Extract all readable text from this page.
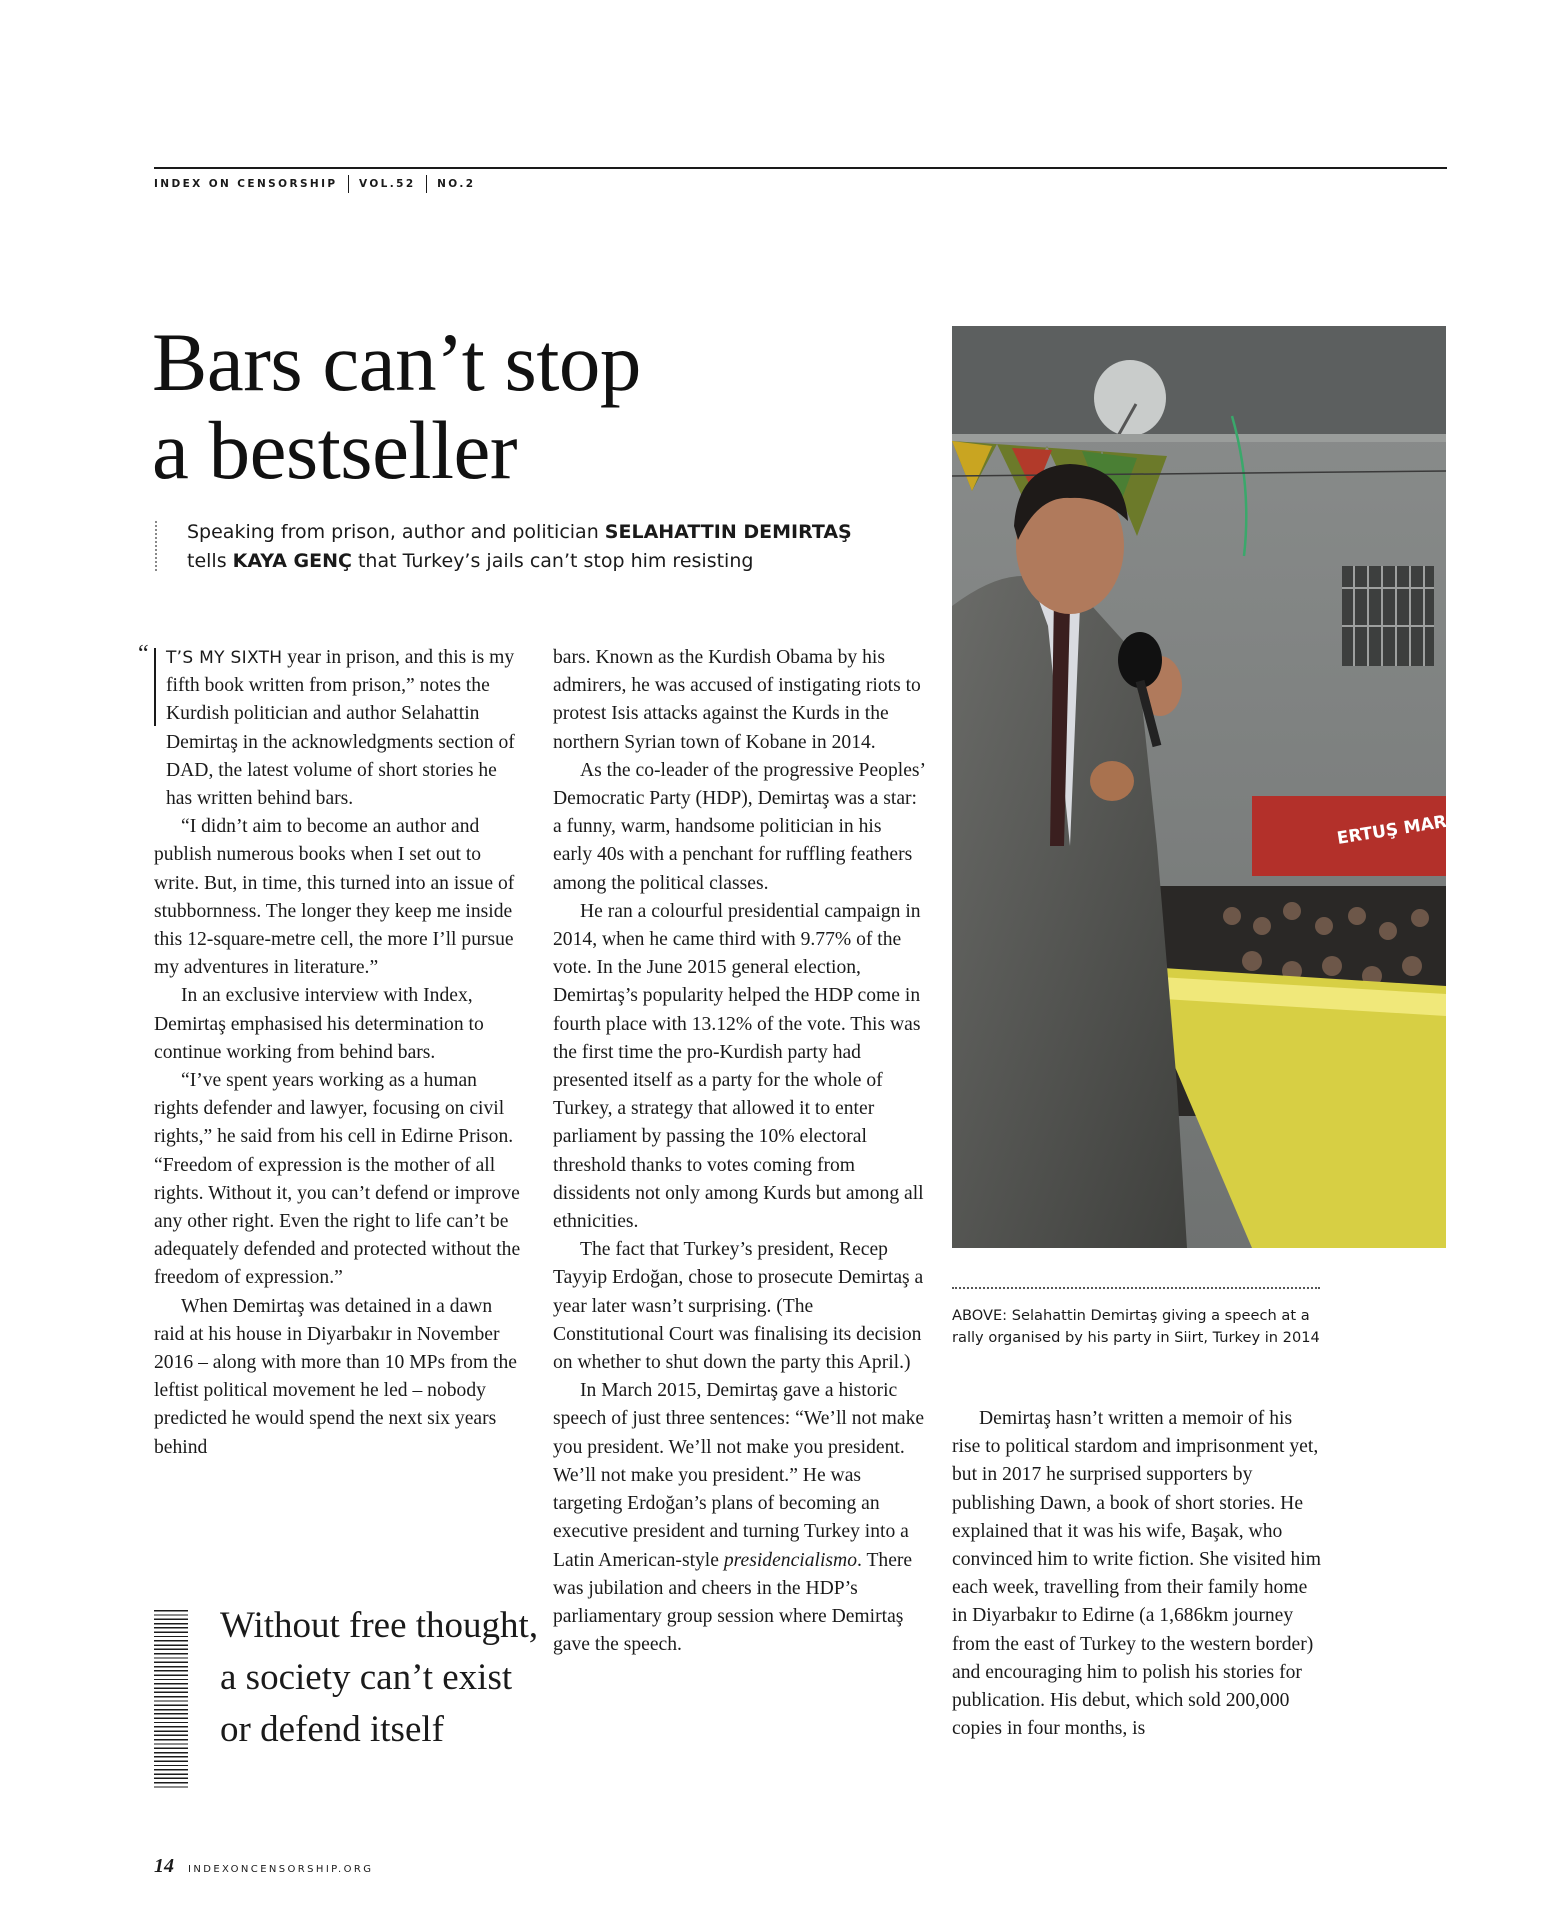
INDEX ON CENSORSHIP VOL.52 NO.2
Bars can’t stop
a bestseller

Speaking from prison, author and politician SELAHATTIN DEMIRTAŞ
tells KAYA GENÇ that Turkey’s jails can’t stop him resisting

“	T’S MY SIXTH year in prison, and this is my fifth book written from prison,” notes the Kurdish politician and author Selahattin Demirtaş in the acknowledgments section of DAD, the latest volume of short stories he has written behind bars.

“I didn’t aim to become an author and publish numerous books when I set out to write. But, in time, this turned into an issue of stubbornness. The longer they keep me inside this 12-square-metre cell, the more I’ll pursue my adventures in literature.”

In an exclusive interview with Index, Demirtaş emphasised his determination to continue working from behind bars.

“I’ve spent years working as a human rights defender and lawyer, focusing on civil rights,” he said from his cell in Edirne Prison. “Freedom of expression is the mother of all rights. Without it, you can’t defend or improve any other right. Even the right to life can’t be adequately defended and protected without the freedom of expression.”

When Demirtaş was detained in a dawn raid at his house in Diyarbakır in November 2016 – along with more than 10 MPs from the leftist political movement he led – nobody predicted he would spend the next six years behind

Without free thought, a society can’t exist or defend itself

bars. Known as the Kurdish Obama by his admirers, he was accused of instigating riots to protest Isis attacks against the Kurds in the northern Syrian town of Kobane in 2014.

As the co-leader of the progressive Peoples’ Democratic Party (HDP), Demirtaş was a star: a funny, warm, handsome politician in his early 40s with a penchant for ruffling feathers among the political classes.

He ran a colourful presidential campaign in 2014, when he came third with 9.77% of the vote. In the June 2015 general election, Demirtaş’s popularity helped the HDP come in fourth place with 13.12% of the vote. This was the first time the pro-Kurdish party had presented itself as a party for the whole of Turkey, a strategy that allowed it to enter parliament by passing the 10% electoral threshold thanks to votes coming from dissidents not only among Kurds but among all ethnicities.

The fact that Turkey’s president, Recep Tayyip Erdoğan, chose to prosecute Demirtaş a year later wasn’t surprising. (The Constitutional Court was finalising its decision on whether to shut down the party this April.)

In March 2015, Demirtaş gave a historic speech of just three sentences: “We’ll not make you president. We’ll not make you president. We’ll not make you president.” He was targeting Erdoğan’s plans of becoming an executive president and turning Turkey into a Latin American-style presidencialismo. There was jubilation and cheers in the HDP’s parliamentary group session where Demirtaş gave the speech.

ERTUŞ MARKET

ABOVE: Selahattin Demirtaş giving a speech at a rally organised by his party in Siirt, Turkey in 2014

Demirtaş hasn’t written a memoir of his rise to political stardom and imprisonment yet, but in 2017 he surprised supporters by publishing Dawn, a book of short stories. He explained that it was his wife, Başak, who convinced him to write fiction. She visited him each week, travelling from their family home in Diyarbakır to Edirne (a 1,686km journey from the east of Turkey to the western border) and encouraging him to polish his stories for publication. His debut, which sold 200,000 copies in four months, is

14 INDEXONCENSORSHIP.ORG
